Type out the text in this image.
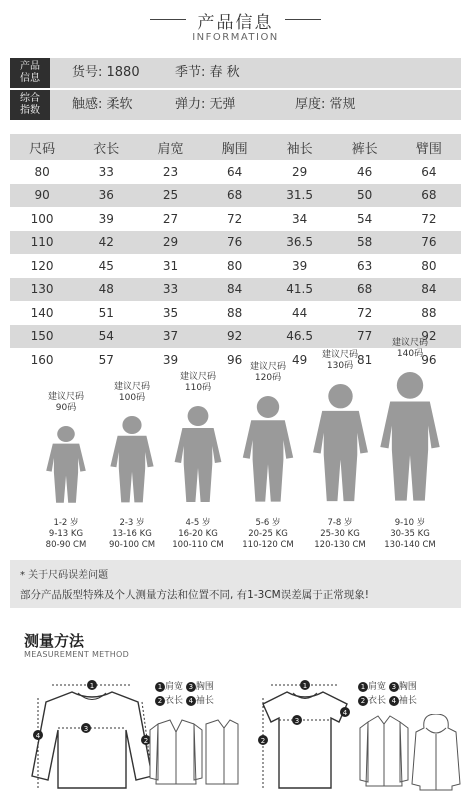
产品信息
INFORMATION
产品
信息 货号: 1880	季节: 春 秋
综合
指数 触感: 柔软	弹力: 无弹	厚度: 常规
尺码	衣长	肩宽	胸围	袖长	裤长	臂围
80	33	23	64	29	46	64
90	36	25	68	31.5	50	68
100	39	27	72	34	54	72
110	42	29	76	36.5	58	76
120	45	31	80	39	63	80
130	48	33	84	41.5	68	84
140	51	35	88	44	72	88
150	54	37	92	46.5	77	92
160	57	39	96	49	81	96
建议尺码
90码
1-2 岁
9-13 KG
80-90 CM
建议尺码
100码
2-3 岁
13-16 KG
90-100 CM
建议尺码
110码
4-5 岁
16-20 KG
100-110 CM
建议尺码
120码
5-6 岁
20-25 KG
110-120 CM
建议尺码
130码
7-8 岁
25-30 KG
120-130 CM
建议尺码
140码
9-10 岁
30-35 KG
130-140 CM
* 关于尺码误差问题
部分产品版型特殊及个人测量方法和位置不同, 有1-3CM误差属于正常现象!
测量方法
MEASUREMENT METHOD
1
3
4
2
1 肩宽 3 胸围
2 衣长 4 袖长
1
3
2
4
1 肩宽 3 胸围
2 衣长 4 袖长
